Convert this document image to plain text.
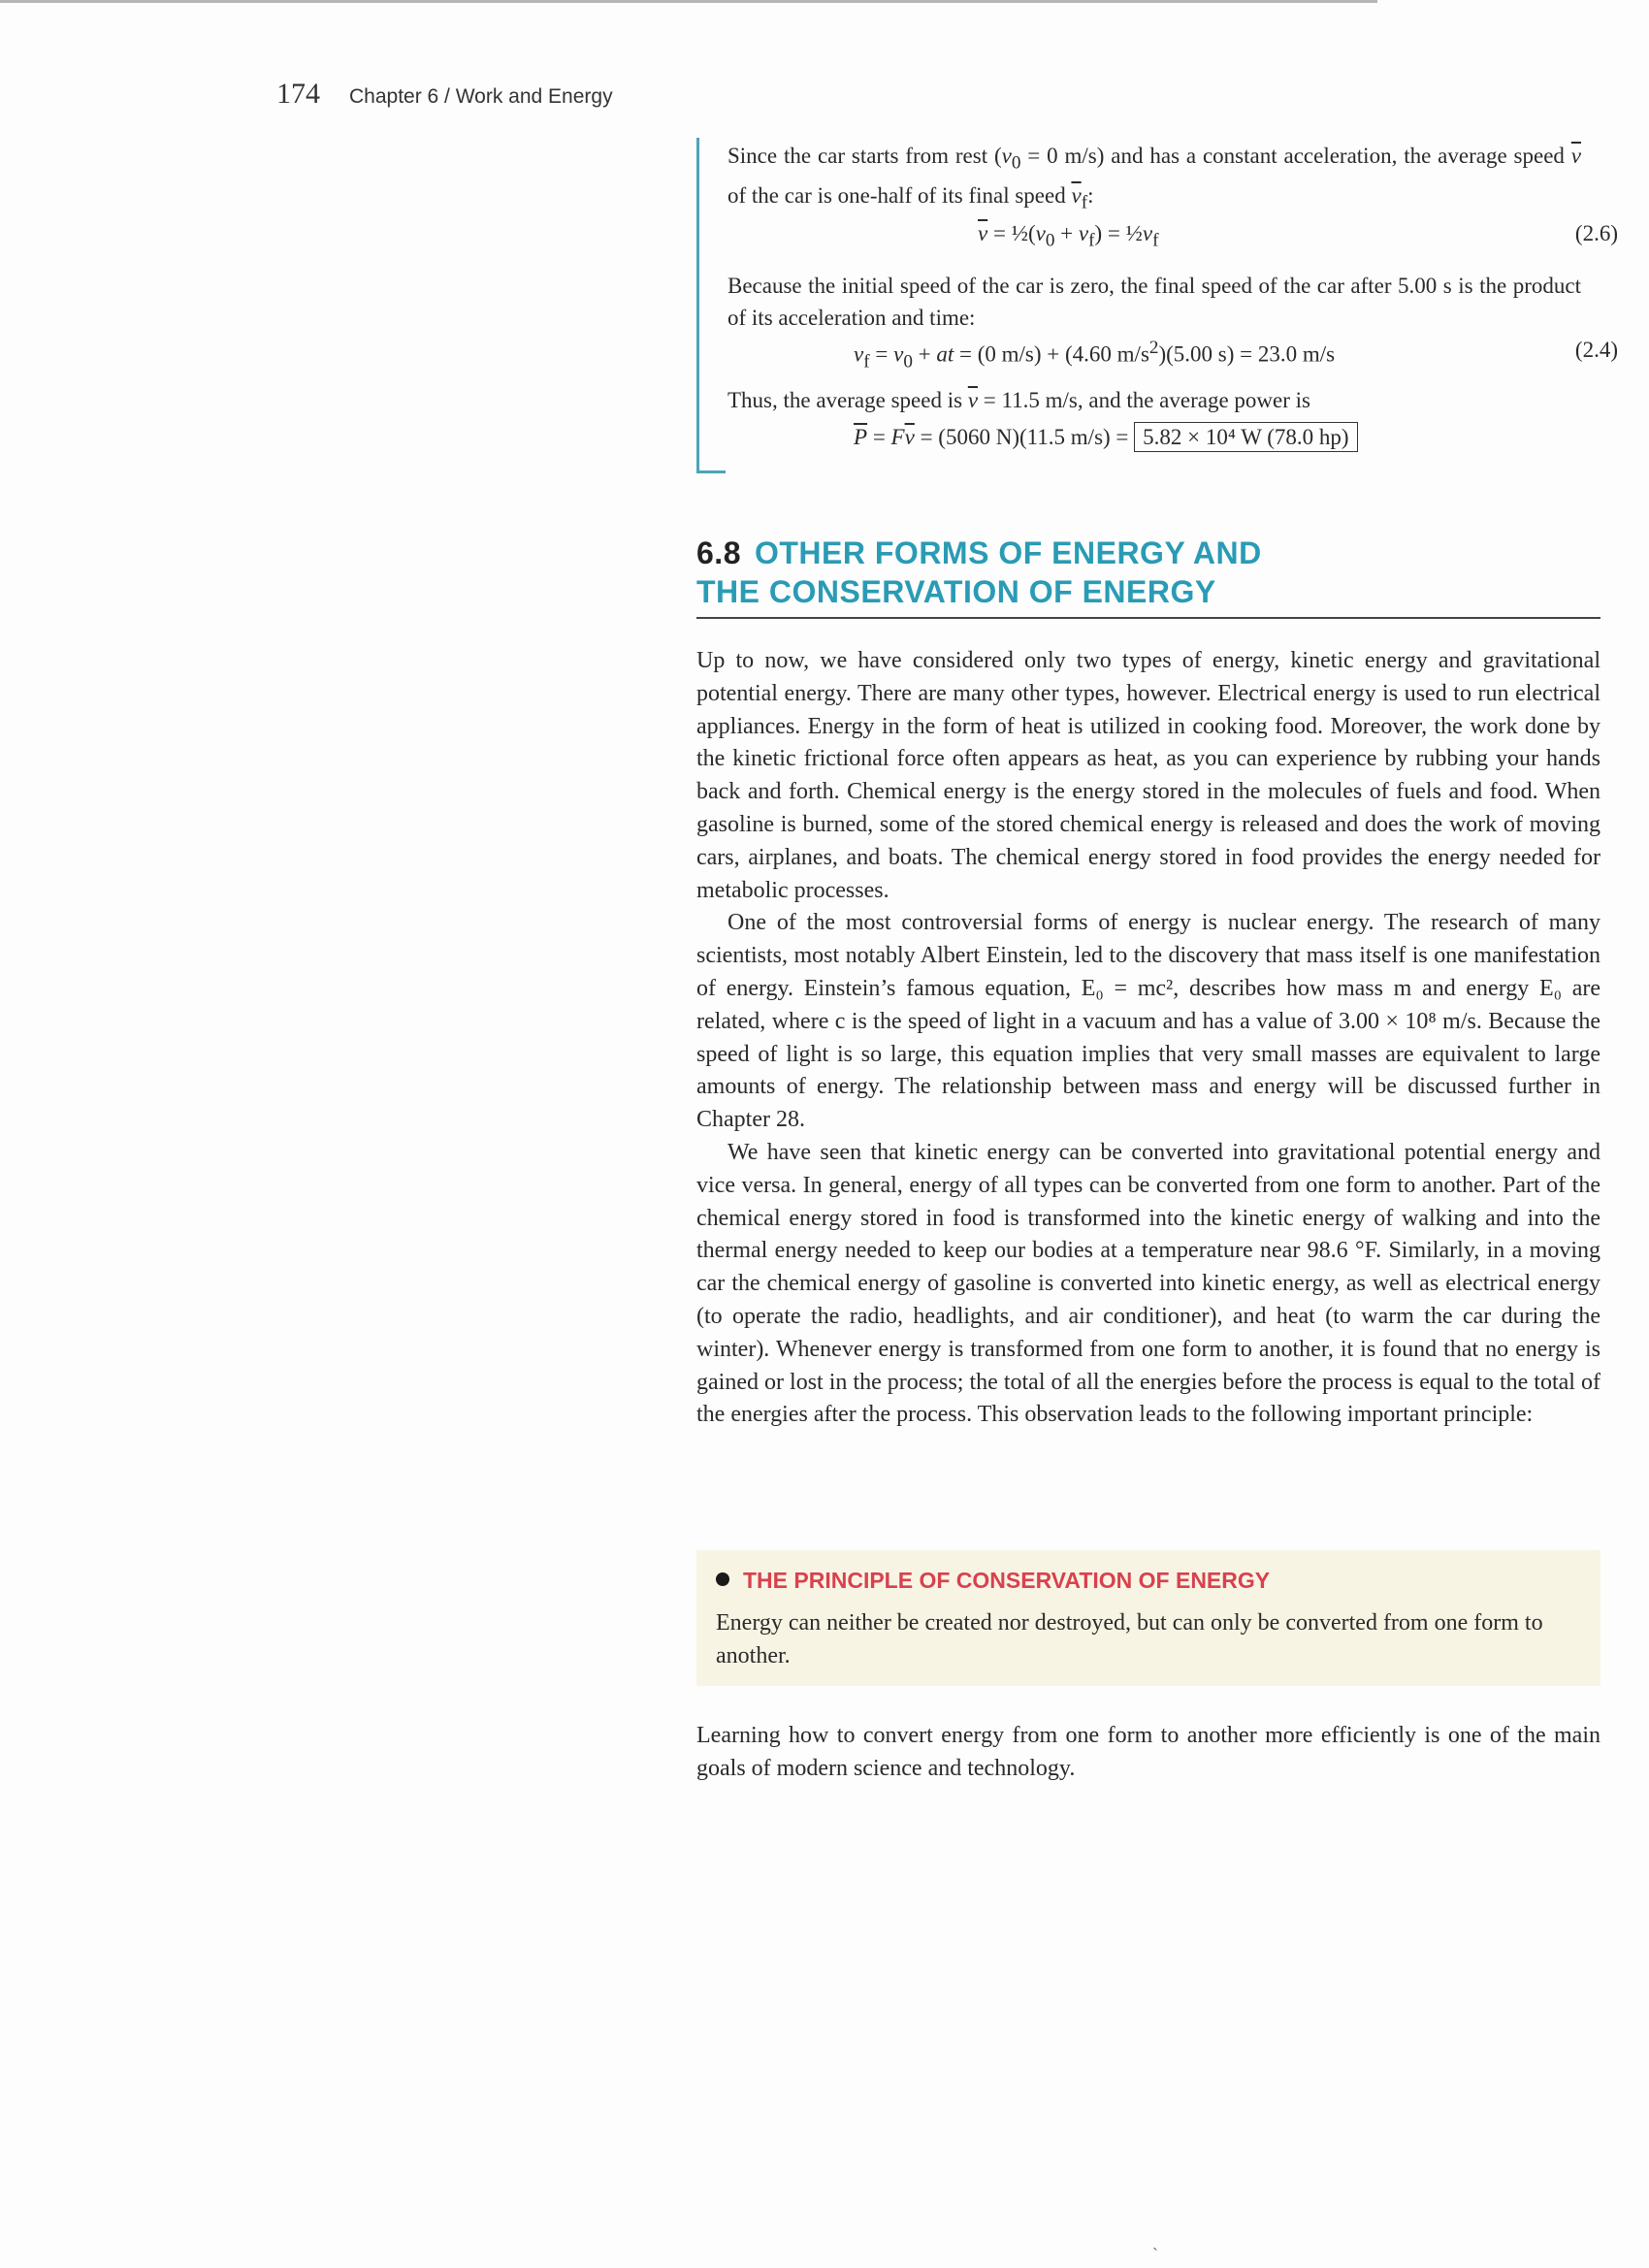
174 Chapter 6 / Work and Energy
Since the car starts from rest ($v_0 = 0$ m/s) and has a constant acceleration, the average speed $\overline{v}$ of the car is one-half of its final speed $\overline{v}_f$:
$\overline{v}$ = $\frac{1}{2}(v_0 + v_f)$ = $\frac{1}{2}v_f$	(2.6)
Because the initial speed of the car is zero, the final speed of the car after 5.00 s is the product of its acceleration and time:
$v_f = v_0$ + at = (0 m/s) + (4.60 $m/s^2)(5.00$ s) = 23.0 m/s	(2.4)
Thus, the average speed is $\overline{v} = 11.5$ m/s, and the average power is
$\overline{P} = F\overline{v} = (5060$ N)(11.5 m/s) = 5.82 × 10⁴ W (78.0 hp)
6.8 OTHER FORMS OF ENERGY AND
THE CONSERVATION OF ENERGY

Up to now, we have considered only two types of energy, kinetic energy and gravitational potential energy. There are many other types, however. Electrical energy is used to run electrical appliances. Energy in the form of heat is utilized in cooking food. Moreover, the work done by the kinetic frictional force often appears as heat, as you can experience by rubbing your hands back and forth. Chemical energy is the energy stored in the molecules of fuels and food. When gasoline is burned, some of the stored chemical energy is released and does the work of moving cars, airplanes, and boats. The chemical energy stored in food provides the energy needed for metabolic processes.

One of the most controversial forms of energy is nuclear energy. The research of many scientists, most notably Albert Einstein, led to the discovery that mass itself is one manifestation of energy. Einstein’s famous equation, E₀ = mc², describes how mass m and energy E₀ are related, where c is the speed of light in a vacuum and has a value of 3.00 × 10⁸ m/s. Because the speed of light is so large, this equation implies that very small masses are equivalent to large amounts of energy. The relationship between mass and energy will be discussed further in Chapter 28.

We have seen that kinetic energy can be converted into gravitational potential energy and vice versa. In general, energy of all types can be converted from one form to another. Part of the chemical energy stored in food is transformed into the kinetic energy of walking and into the thermal energy needed to keep our bodies at a temperature near 98.6 °F. Similarly, in a moving car the chemical energy of gasoline is converted into kinetic energy, as well as electrical energy (to operate the radio, headlights, and air conditioner), and heat (to warm the car during the winter). Whenever energy is transformed from one form to another, it is found that no energy is gained or lost in the process; the total of all the energies before the process is equal to the total of the energies after the process. This observation leads to the following important principle:

THE PRINCIPLE OF CONSERVATION OF ENERGY
Energy can neither be created nor destroyed, but can only be converted from one form to another.
Learning how to convert energy from one form to another more efficiently is one of the main goals of modern science and technology.
ˎ
